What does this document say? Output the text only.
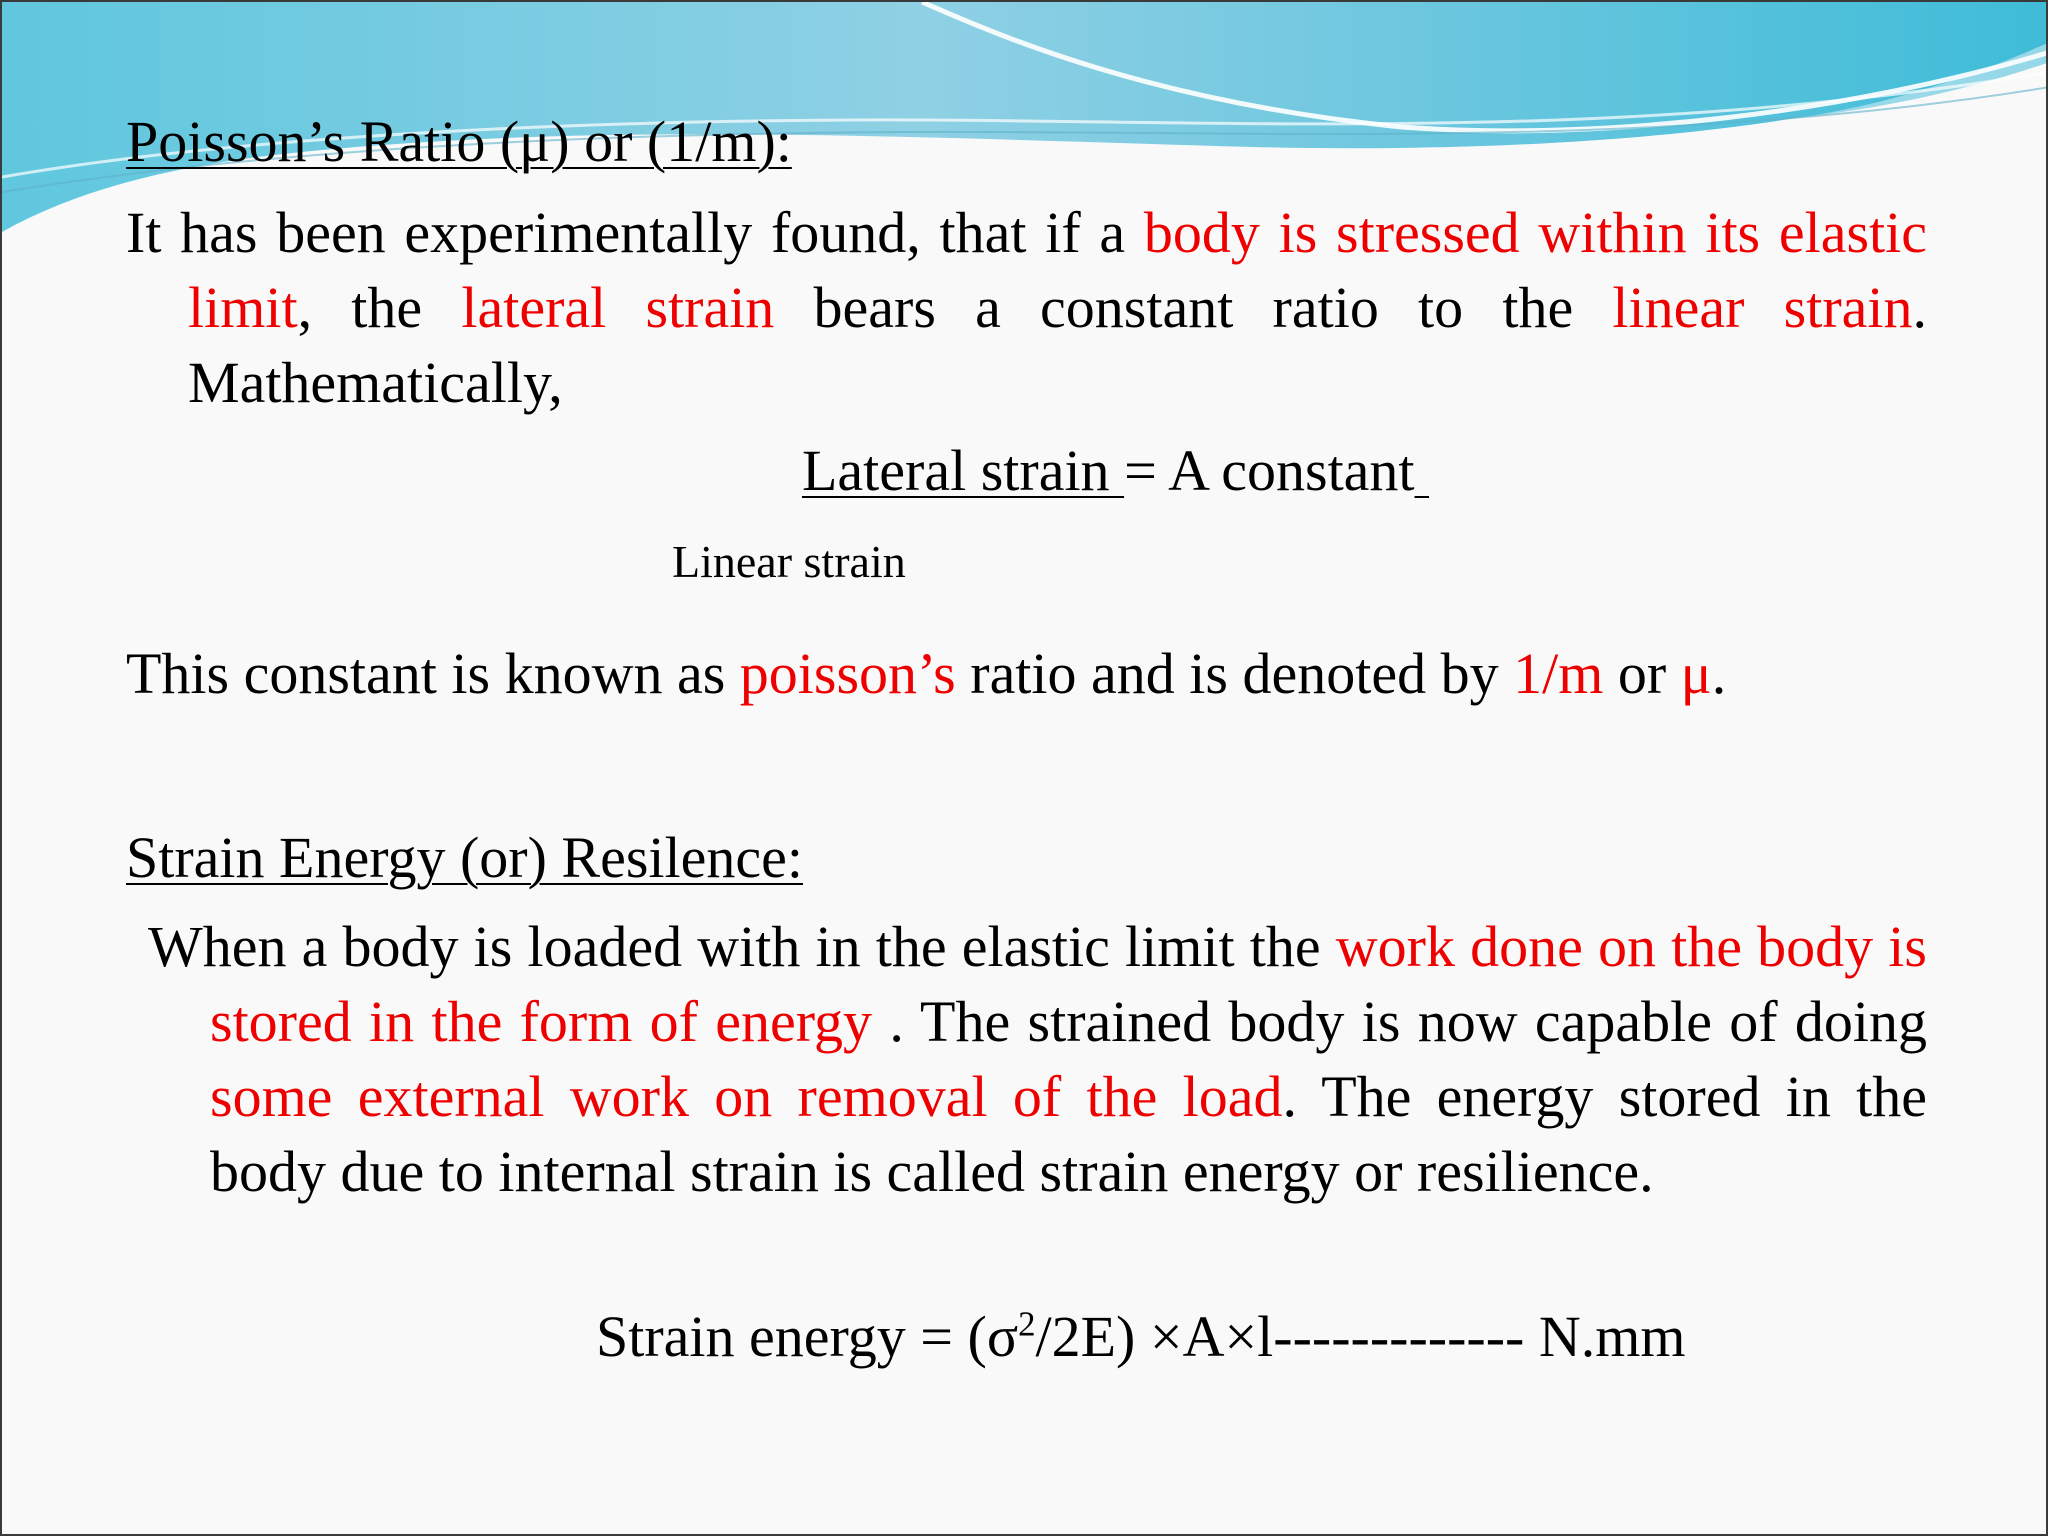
Poisson’s Ratio (μ) or (1/m):
It has been experimentally found, that if a body is stressed within its elastic limit, the lateral strain bears a constant ratio to the linear strain. Mathematically,
Lateral strain = A constant
Linear strain
This constant is known as poisson’s ratio and is denoted by 1/m or μ.
Strain Energy (or) Resilence:
When a body is loaded with in the elastic limit the work done on the body is stored in the form of energy . The strained body is now capable of doing some external work on removal of the load. The energy stored in the body due to internal strain is called strain energy or resilience.
Strain energy = $(\sigma^2/2E) \times A\times l-------------$ N.mm
